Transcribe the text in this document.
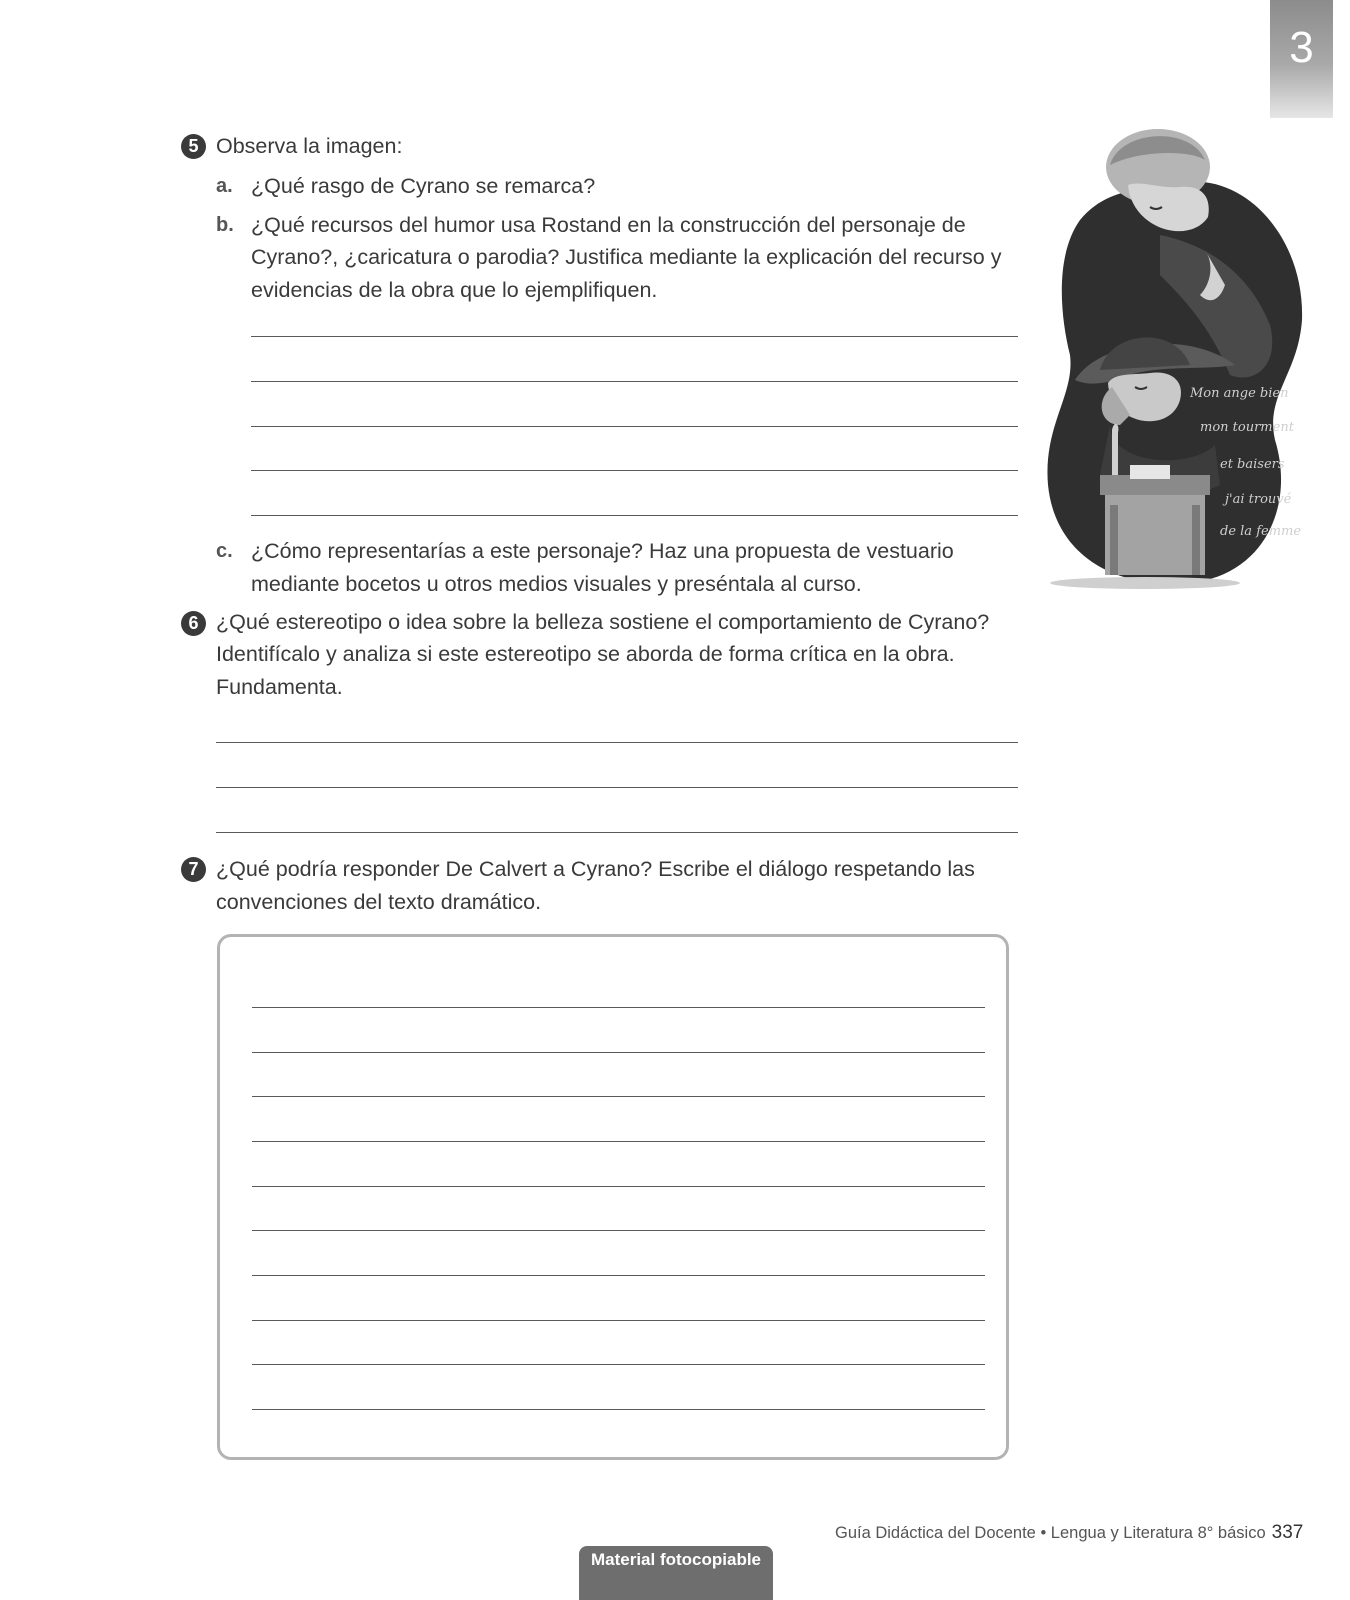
3
5 Observa la imagen:
a. ¿Qué rasgo de Cyrano se remarca?
b. ¿Qué recursos del humor usa Rostand en la construcción del personaje de
Cyrano?, ¿caricatura o parodia? Justifica mediante la explicación del recurso y
evidencias de la obra que lo ejemplifiquen.
c. ¿Cómo representarías a este personaje? Haz una propuesta de vestuario
mediante bocetos u otros medios visuales y preséntala al curso.
6 ¿Qué estereotipo o idea sobre la belleza sostiene el comportamiento de Cyrano?
Identifícalo y analiza si este estereotipo se aborda de forma crítica en la obra.
Fundamenta.
7 ¿Qué podría responder De Calvert a Cyrano? Escribe el diálogo respetando las
convenciones del texto dramático.
Mon ange bien
mon tourment
et baisers
j'ai trouvé
de la femme
Guía Didáctica del Docente • Lengua y Literatura 8° básico 337
Material fotocopiable
